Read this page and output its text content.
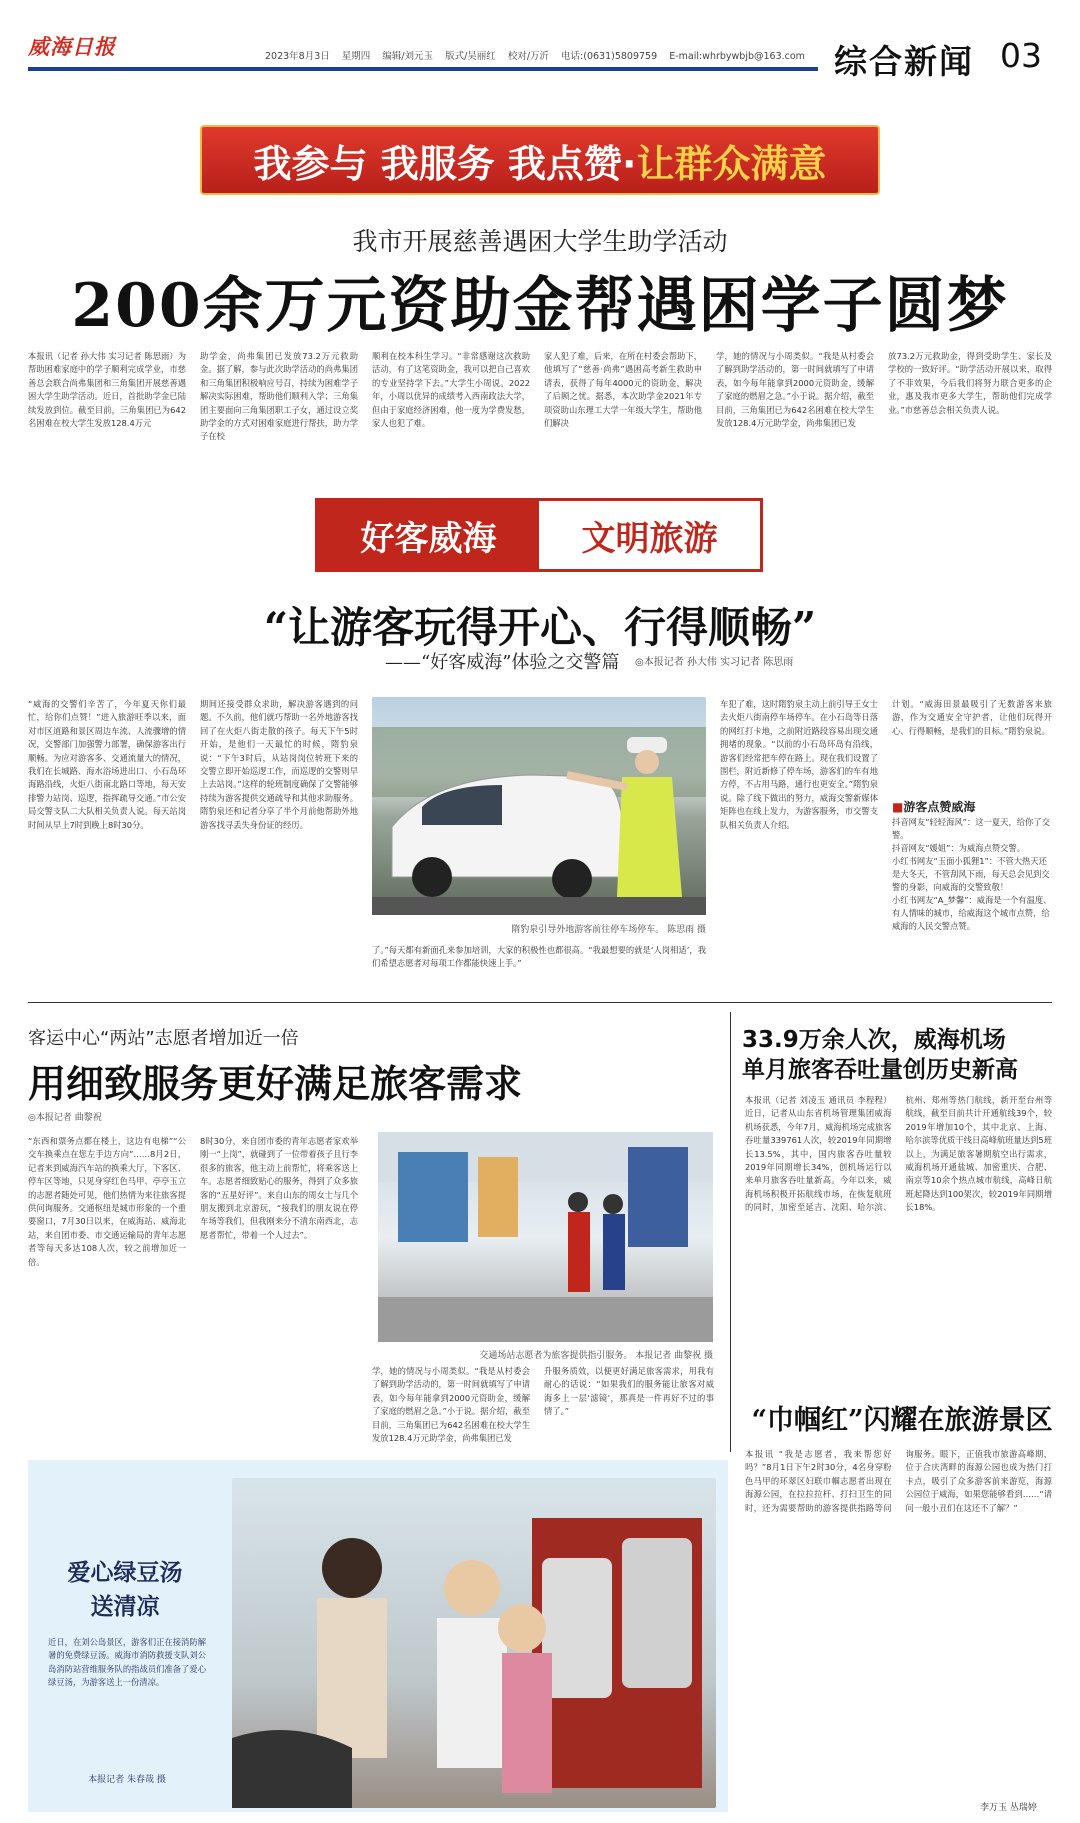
威海日报	2023年8月3日 星期四 编辑/刘元玉 版式/吴丽红 校对/万沂 电话:(0631)5809759 E-mail:whrbywbjb@163.com 综合新闻 03
我参与 我服务 我点赞· 让群众满意
我市开展慈善遇困大学生助学活动
200余万元资助金帮遇困学子圆梦
本报讯（记者 孙大伟 实习记者 陈思雨）为帮助困难家庭中的学子顺利完成学业，市慈善总会联合尚弗集团和三角集团开展慈善遇困大学生助学活动。近日，首批助学金已陆续发放到位。截至目前，三角集团已为642名困难在校大学生发放128.4万元
助学金，尚弗集团已发放73.2万元救助金。据了解，参与此次助学活动的尚弗集团和三角集团积极响应号召，持续为困难学子解决实际困难，帮助他们顺利入学；三角集团主要面向三角集团职工子女，通过设立奖助学金的方式对困难家庭进行帮扶，助力学子在校
顺利在校本科生学习。“非常感谢这次救助活动，有了这笔资助金，我可以把自己喜欢的专业坚持学下去。”大学生小周说。2022年，小周以优异的成绩考入西南政法大学，但由于家庭经济困难，他一度为学费发愁，家人也犯了难。
家人犯了难，后来，在所在村委会帮助下，他填写了“慈善·尚弗”遇困高考新生救助申请表，获得了每年4000元的资助金，解决了后顾之忧。据悉，本次助学金2021年专项资助山东理工大学一年级大学生，帮助他们解决
学，她的情况与小周类似。“我是从村委会了解到助学活动的，第一时间就填写了申请表，如今每年能拿到2000元资助金，缓解了家庭的燃眉之急。”小于说。据介绍，截至目前，三角集团已为642名困难在校大学生发放128.4万元助学金，尚弗集团已发
放73.2万元救助金，得到受助学生、家长及学校的一致好评。“助学活动开展以来，取得了不菲效果，今后我们将努力联合更多的企业，惠及我市更多大学生，帮助他们完成学业。”市慈善总会相关负责人说。
好客威海	文明旅游
“让游客玩得开心、行得顺畅”
——“好客威海”体验之交警篇 ◎本报记者 孙大伟 实习记者 陈思雨
“威海的交警们辛苦了，今年夏天你们最忙，给你们点赞！”进入旅游旺季以来，面对市区道路和景区周边车流、人流骤增的情况，交警部门加强警力部署，确保游客出行顺畅。为应对游客多、交通流量大的情况，我们在长城路、海水浴场进出口、小石岛环海路沿线，火炬八街南北路口等地，每天安排警力站岗、巡逻，指挥疏导交通。”市公安局交警支队二大队相关负责人说。每天站岗时间从早上7时到晚上8时30分。
期间还接受群众求助，解决游客遇到的问题。不久前，他们就巧帮助一名外地游客找回了在火炬八街走散的孩子。每天下午5时开始，是他们一天最忙的时候，隋豹泉说：“下午3时后，从站岗岗位转班下来的交警立即开始巡逻工作，而巡逻的交警则早上去站岗。”这样的轮班制度确保了交警能够持续为游客提供交通疏导和其他求助服务。隋豹泉还和记者分享了半个月前他帮助外地游客找寻丢失身份证的经历。
车犯了难，这时隋豹泉主动上前引导王女士去火炬八街南停车场停车。在小石岛等日落的网红打卡地，之前附近路段容易出现交通拥堵的现象。“以前的小石岛环岛有沿线，游客们经常把车停在路上。现在我们设置了围栏，附近新修了停车场，游客们的车有地方停，不占用马路，通行也更安全。”隋豹泉说。除了线下做出的努力，威海交警新媒体矩阵也在线上发力，为游客服务，市交警支队相关负责人介绍。
计划。“威海田景最吸引了无数游客来旅游，作为交通安全守护者，让他们玩得开心、行得顺畅，是我们的目标。”隋豹泉说。
隋豹泉引导外地游客前往停车场停车。 陈思雨 摄
了。”每天都有新面孔来参加培训，大家的积极性也都很高。“我最想要的就是‘人岗相适’，我们希望志愿者对每项工作都能快速上手。”
■游客点赞威海
抖音网友“轻轻海风”：这一夏天，给你了交警。
抖音网友“媛姐”：为威海点赞交警。
小红书网友“玉面小狐狸1”：不管大热天还是大冬天，不管刮风下雨，每天总会见到交警的身影，向威海的交警致敬！
小红书网友“A_梦馨”：威海是一个有温度、有人情味的城市，给威海这个城市点赞，给威海的人民交警点赞。
客运中心“两站”志愿者增加近一倍
用细致服务更好满足旅客需求
◎本报记者 曲黎祝
“东西和票务点都在楼上，这边有电梯”“公交车换乘点在您左手边方向”……8月2日，记者来到威海汽车站的换乘大厅，下客区、停车区等地，只见身穿红色马甲、亭亭玉立的志愿者随处可见，他们热情为来往旅客提供问询服务。交通枢纽是城市形象的一个重要窗口，7月30日以来，在威海站、威海北站，来自团市委、市交通运输局的青年志愿者等每天多达108人次，较之前增加近一倍。
8时30分，来自团市委的青年志愿者家欢举刚一“上岗”，就碰到了一位带着孩子且行李很多的旅客，他主动上前帮忙，将乘客送上车。志愿者细致贴心的服务，得到了众多旅客的“五星好评”。来自山东的周女士与几个朋友搬到北京游玩，“接我们的朋友说在停车场等我们，但我刚来分不清东南西北，志愿者帮忙，带着一个人过去”。
学，她的情况与小周类似。“我是从村委会了解到助学活动的，第一时间就填写了申请表，如今每年能拿到2000元资助金，缓解了家庭的燃眉之急。”小于说。据介绍，截至目前，三角集团已为642名困难在校大学生发放128.4万元助学金，尚弗集团已发
升服务质效，以便更好满足旅客需求，用我有耐心的话说：“如果我们的服务能让旅客对威海多上一层‘滤镜’，那真是一件再好不过的事情了。”
交通场站志愿者为旅客提供指引服务。 本报记者 曲黎祝 摄
33.9万余人次，威海机场
单月旅客吞吐量创历史新高
本报讯（记者 刘凌玉 通讯员 李程程）近日，记者从山东省机场管理集团威海机场获悉，今年7月，威海机场完成旅客吞吐量339761人次，较2019年同期增长13.5%，其中，国内旅客吞吐量较2019年同期增长34%，创机场运行以来单月旅客吞吐量新高。今年以来，威海机场积极开拓航线市场，在恢复航班的同时，加密至延吉、沈阳、哈尔滨、杭州、郑州等热门航线，新开至台州等航线，截至目前共计开通航线39个，较2019年增加10个，其中北京、上海、哈尔滨等优质干线日高峰航班量达到5班以上，为满足旅客暑期航空出行需求，威海机场开通盐城、加密重庆、合肥、南京等10余个热点城市航线，高峰日航班起降达到100架次，较2019年同期增长18%。
“巾帼红”闪耀在旅游景区
本报讯 “我是志愿者，我来帮您好吗？”8月1日下午2时30分，4名身穿粉色马甲的环翠区妇联巾帼志愿者出现在海源公园，在拉拉拉杆、打扫卫生的同时，还为需要帮助的游客提供指路等问询服务。眼下，正值我市旅游高峰期，位于合庆湾畔的海源公园也成为热门打卡点，吸引了众多游客前来游览，海源公园位于威海，如果您能够看到……“请问一般小丑们在这还不了解？”
李万玉 丛瑞婷
爱心绿豆汤
送清凉
近日，在刘公岛景区，游客们正在接消防解暑的免费绿豆汤。威海市消防救援支队刘公岛消防站营维服务队的指战员们准备了爱心绿豆汤，为游客送上一份清凉。
本报记者 朱春哉 摄
